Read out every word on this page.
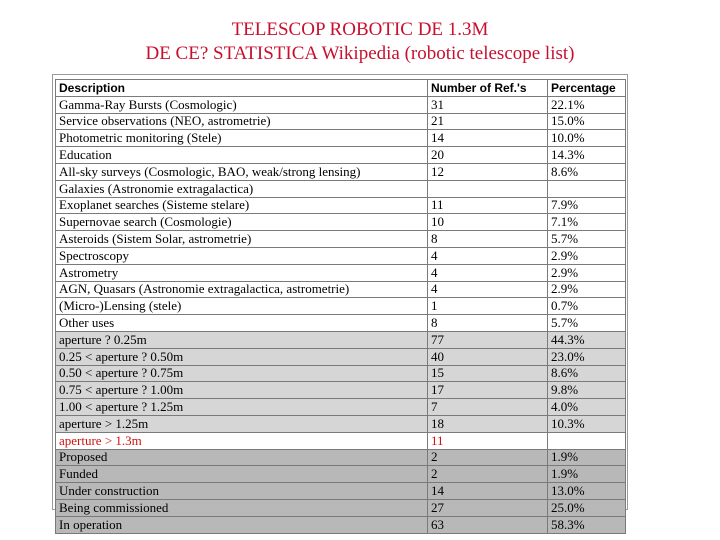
TELESCOP ROBOTIC DE 1.3M
DE CE? STATISTICA Wikipedia (robotic telescope list)
Description	Number of Ref.'s	Percentage
Gamma-Ray Bursts (Cosmologic)	31	22.1%
Service observations (NEO, astrometrie)	21	15.0%
Photometric monitoring (Stele)	14	10.0%
Education	20	14.3%
All-sky surveys (Cosmologic, BAO, weak/strong lensing)	12	8.6%
Galaxies (Astronomie extragalactica)		
Exoplanet searches (Sisteme stelare)	11	7.9%
Supernovae search (Cosmologie)	10	7.1%
Asteroids (Sistem Solar, astrometrie)	8	5.7%
Spectroscopy	4	2.9%
Astrometry	4	2.9%
AGN, Quasars (Astronomie extragalactica, astrometrie)	4	2.9%
(Micro-)Lensing (stele)	1	0.7%
Other uses	8	5.7%
aperture ? 0.25m	77	44.3%
0.25 < aperture ? 0.50m	40	23.0%
0.50 < aperture ? 0.75m	15	8.6%
0.75 < aperture ? 1.00m	17	9.8%
1.00 < aperture ? 1.25m	7	4.0%
aperture > 1.25m	18	10.3%
aperture > 1.3m	11	
Proposed	2	1.9%
Funded	2	1.9%
Under construction	14	13.0%
Being commissioned	27	25.0%
In operation	63	58.3%
